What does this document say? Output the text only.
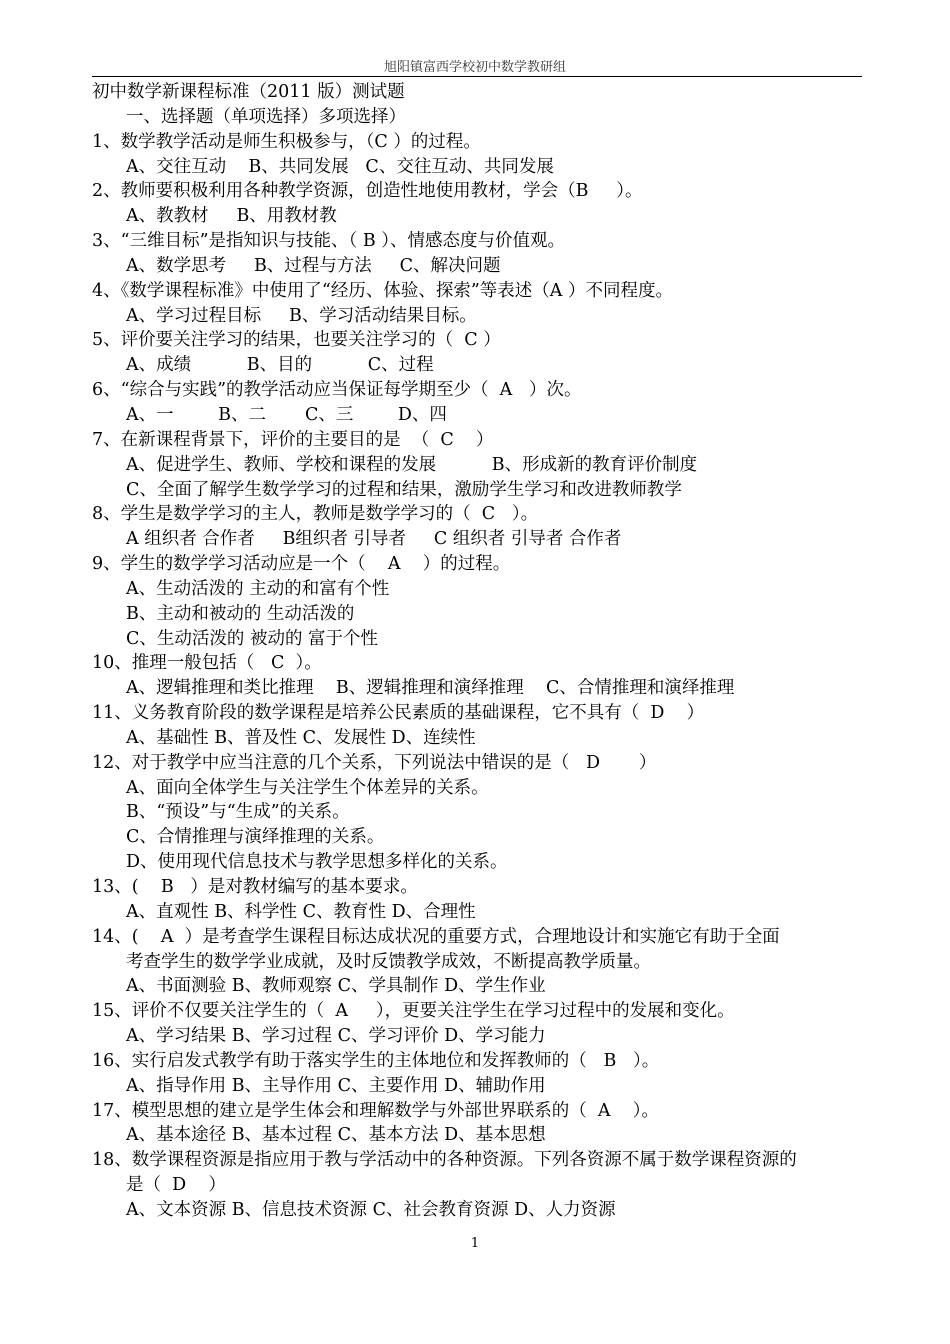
旭阳镇富西学校初中数学教研组
初中数学新课程标准（2011 版）测试题
一、选择题（单项选择）多项选择）
1、数学教学活动是师生积极参与，（C ）的过程。
A、交往互动    B、共同发展   C、交往互动、共同发展
2、教师要积极利用各种教学资源，创造性地使用教材，学会（B     ）。
A、教教材     B、用教材教
3、“三维目标”是指知识与技能、（ B ）、情感态度与价值观。
A、数学思考     B、过程与方法     C、解决问题
4、《数学课程标准》中使用了“经历、体验、探索”等表述（A ）不同程度。
A、学习过程目标     B、学习活动结果目标。
5、评价要关注学习的结果，也要关注学习的（  C ）
A、成绩          B、目的          C、过程
6、“综合与实践”的教学活动应当保证每学期至少（  A   ）次。
A、一        B、二       C、三        D、四
7、在新课程背景下，评价的主要目的是  （  C    ）
A、促进学生、教师、学校和课程的发展          B、形成新的教育评价制度
C、全面了解学生数学学习的过程和结果，激励学生学习和改进教师教学
8、学生是数学学习的主人，教师是数学学习的（  C   ）。
A 组织者 合作者     B组织者 引导者     C 组织者 引导者 合作者
9、学生的数学学习活动应是一个（    A    ）的过程。
A、生动活泼的 主动的和富有个性
B、主动和被动的 生动活泼的
C、生动活泼的 被动的 富于个性
10、推理一般包括（   C  ）。
A、逻辑推理和类比推理    B、逻辑推理和演绎推理    C、合情推理和演绎推理
11、义务教育阶段的数学课程是培养公民素质的基础课程，它不具有（  D    ）
A、基础性 B、普及性 C、发展性 D、连续性
12、对于教学中应当注意的几个关系，下列说法中错误的是（   D       ）
A、面向全体学生与关注学生个体差异的关系。
B、“预设”与“生成”的关系。
C、合情推理与演绎推理的关系。
D、使用现代信息技术与教学思想多样化的关系。
13、(    B   ）是对教材编写的基本要求。
A、直观性 B、科学性 C、教育性 D、合理性
14、(    A  ）是考查学生课程目标达成状况的重要方式，合理地设计和实施它有助于全面
考查学生的数学学业成就，及时反馈教学成效，不断提高教学质量。
A、书面测验 B、教师观察 C、学具制作 D、学生作业
15、评价不仅要关注学生的（  A     ），更要关注学生在学习过程中的发展和变化。
A、学习结果 B、学习过程 C、学习评价 D、学习能力
16、实行启发式教学有助于落实学生的主体地位和发挥教师的（   B   ）。
A、指导作用 B、主导作用 C、主要作用 D、辅助作用
17、模型思想的建立是学生体会和理解数学与外部世界联系的（  A    ）。
A、基本途径 B、基本过程 C、基本方法 D、基本思想
18、数学课程资源是指应用于教与学活动中的各种资源。下列各资源不属于数学课程资源的
是（  D    ）
A、文本资源 B、信息技术资源 C、社会教育资源 D、人力资源
1
